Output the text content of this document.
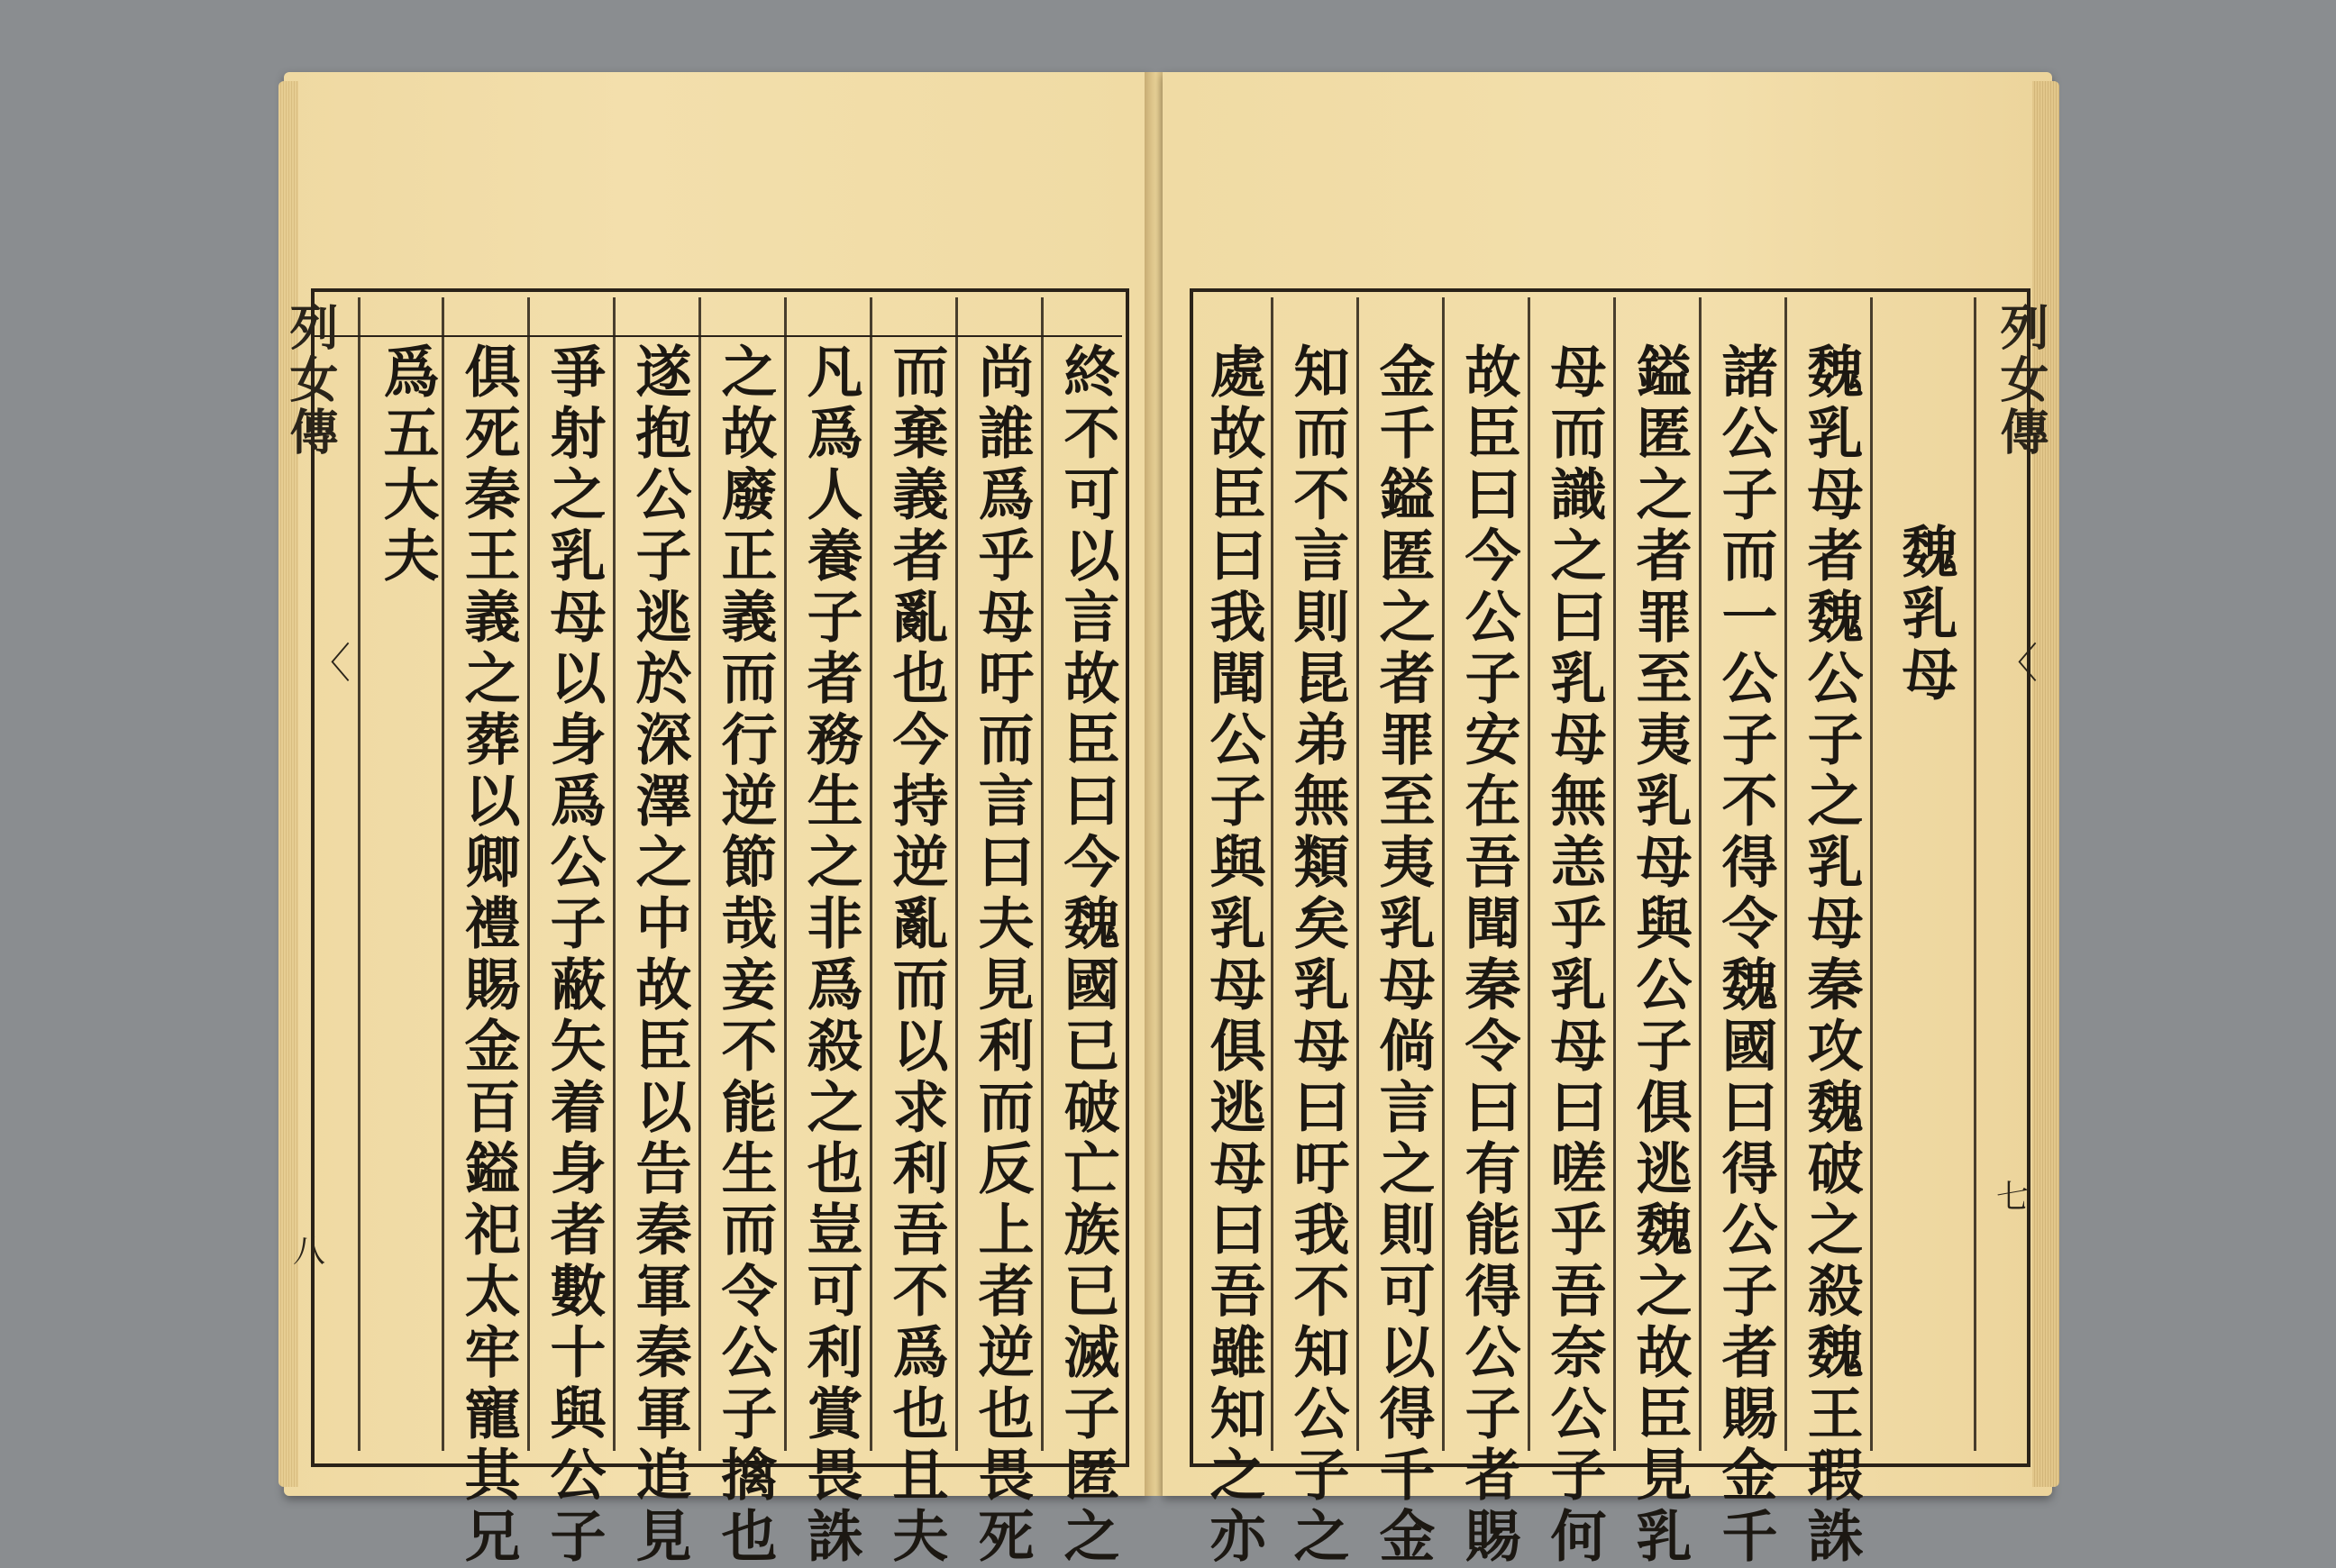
列女傳
〈
八	終不可以言故臣曰今魏國已破亡族已滅子匿之
尚誰爲乎母吁而言曰夫見利而反上者逆也畏死
而棄義者亂也今持逆亂而以求利吾不爲也且夫
凡爲人養子者務生之非爲殺之也豈可利賞畏誅
之故廢正義而行逆節哉妾不能生而令公子擒也
遂抱公子逃於深澤之中故臣以告秦軍秦軍追見
爭射之乳母以身爲公子蔽矢着身者數十與公子
俱死秦王義之葬以卿禮賜金百鎰祀太牢寵其兄
爲五大夫	列女傳
〈
七
魏乳母
魏乳母者魏公子之乳母秦攻魏破之殺魏王瑕誅
諸公子而一公子不得令魏國曰得公子者賜金千
鎰匿之者罪至夷乳母與公子俱逃魏之故臣見乳
母而識之曰乳母無恙乎乳母曰嗟乎吾奈公子何
故臣曰今公子安在吾聞秦令曰有能得公子者賜
金千鎰匿之者罪至夷乳母倘言之則可以得千金
知而不言則昆弟無類矣乳母曰吁我不知公子之
處故臣曰我聞公子與乳母俱逃母曰吾雖知之亦
